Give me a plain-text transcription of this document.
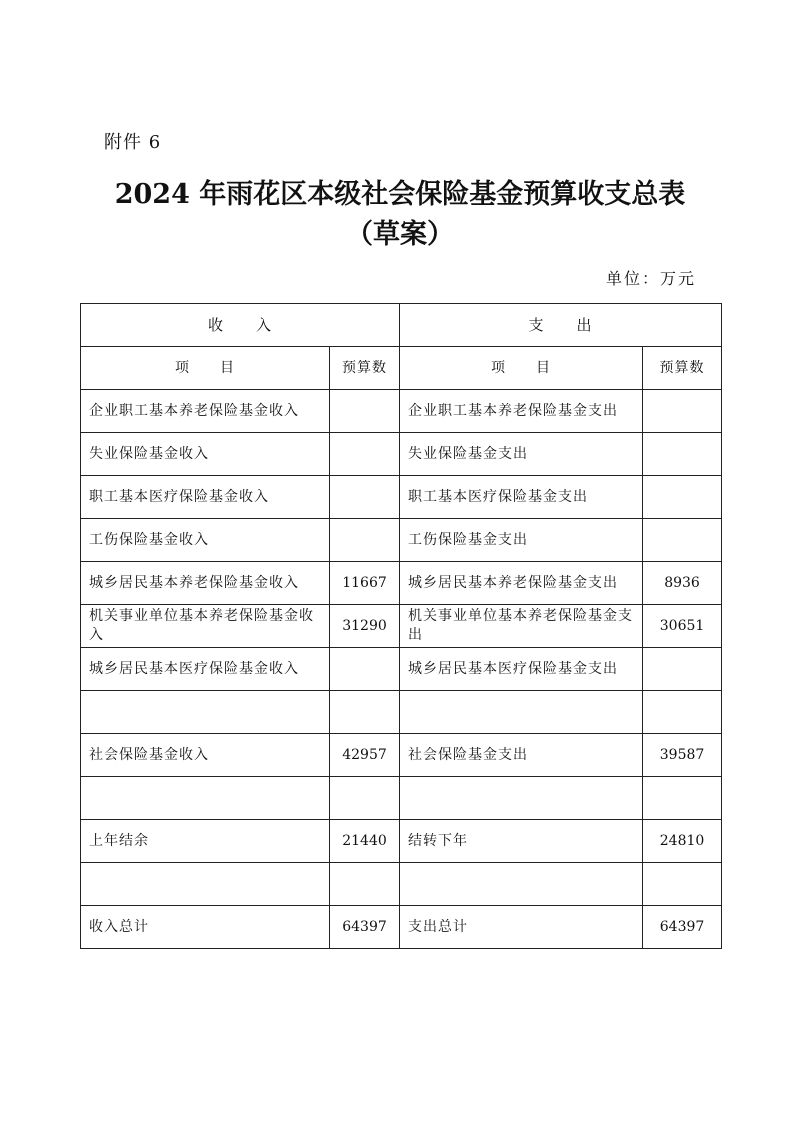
附件 6
2024 年雨花区本级社会保险基金预算收支总表
（草案）
单位：万元
收　　入		支　　出	
项　　目	预算数	项　　目	预算数
企业职工基本养老保险基金收入		企业职工基本养老保险基金支出	
失业保险基金收入		失业保险基金支出	
职工基本医疗保险基金收入		职工基本医疗保险基金支出	
工伤保险基金收入		工伤保险基金支出	
城乡居民基本养老保险基金收入	11667	城乡居民基本养老保险基金支出	8936
机关事业单位基本养老保险基金收入	31290	机关事业单位基本养老保险基金支出	30651
城乡居民基本医疗保险基金收入		城乡居民基本医疗保险基金支出	

社会保险基金收入	42957	社会保险基金支出	39587

上年结余	21440	结转下年	24810

收入总计	64397	支出总计	64397
